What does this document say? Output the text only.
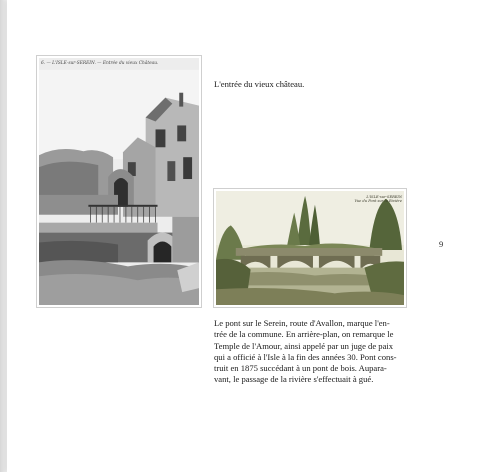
6. — L'ISLE-sur-SEREIN. — Entrée du vieux Château.
L'entrée du vieux château.
L'ISLE-sur-SEREIN
Vue du Pont sur la Rivière
Le pont sur le Serein, route d'Avallon, marque l'en-
trée de la commune. En arrière-plan, on remarque le
Temple de l'Amour, ainsi appelé par un juge de paix
qui a officié à l'Isle à la fin des années 30. Pont cons-
truit en 1875 succédant à un pont de bois. Aupara-
vant, le passage de la rivière s'effectuait à gué.
9
